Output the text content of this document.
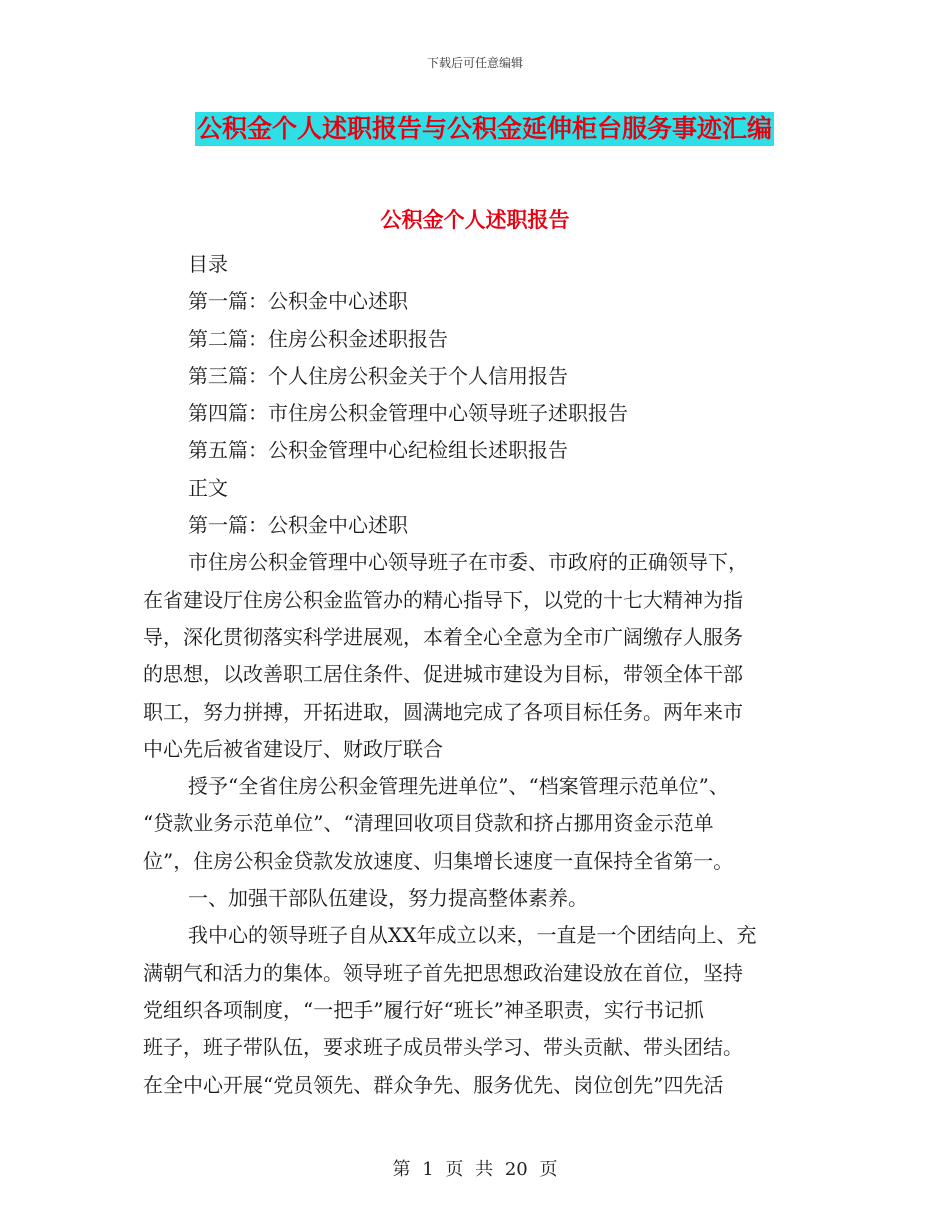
下载后可任意编辑
公积金个人述职报告与公积金延伸柜台服务事迹汇编
公积金个人述职报告
目录
第一篇：公积金中心述职
第二篇：住房公积金述职报告
第三篇：个人住房公积金关于个人信用报告
第四篇：市住房公积金管理中心领导班子述职报告
第五篇：公积金管理中心纪检组长述职报告
正文
第一篇：公积金中心述职
市住房公积金管理中心领导班子在市委、市政府的正确领导下，
在省建设厅住房公积金监管办的精心指导下，以党的十七大精神为指
导，深化贯彻落实科学进展观，本着全心全意为全市广阔缴存人服务
的思想，以改善职工居住条件、促进城市建设为目标，带领全体干部
职工，努力拼搏，开拓进取，圆满地完成了各项目标任务。两年来市
中心先后被省建设厅、财政厅联合
授予“全省住房公积金管理先进单位”、“档案管理示范单位”、
“贷款业务示范单位”、“清理回收项目贷款和挤占挪用资金示范单
位”，住房公积金贷款发放速度、归集增长速度一直保持全省第一。
一、加强干部队伍建设，努力提高整体素养。
我中心的领导班子自从XX年成立以来，一直是一个团结向上、充
满朝气和活力的集体。领导班子首先把思想政治建设放在首位，坚持
党组织各项制度，“一把手”履行好“班长”神圣职责，实行书记抓
班子，班子带队伍，要求班子成员带头学习、带头贡献、带头团结。
在全中心开展“党员领先、群众争先、服务优先、岗位创先”四先活
第 1 页 共 20 页
